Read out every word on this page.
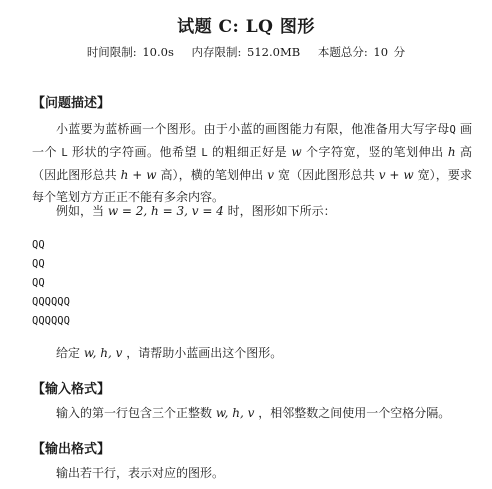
试题 C: LQ 图形
时间限制: 10.0s 内存限制: 512.0MB 本题总分: 10 分
【问题描述】
小蓝要为蓝桥画一个图形。由于小蓝的画图能力有限，他准备用大写字母Q 画一个 L 形状的字符画。他希望 L 的粗细正好是 w 个字符宽，竖的笔划伸出 h 高（因此图形总共 h + w 高），横的笔划伸出 v 宽（因此图形总共 v + w 宽），要求每个笔划方方正正不能有多余内容。
例如，当 w = 2, h = 3, v = 4 时，图形如下所示：
QQ
QQ
QQ
QQQQQQ
QQQQQQ
给定 w, h, v ，请帮助小蓝画出这个图形。
【输入格式】
输入的第一行包含三个正整数 w, h, v ，相邻整数之间使用一个空格分隔。
【输出格式】
输出若干行，表示对应的图形。
